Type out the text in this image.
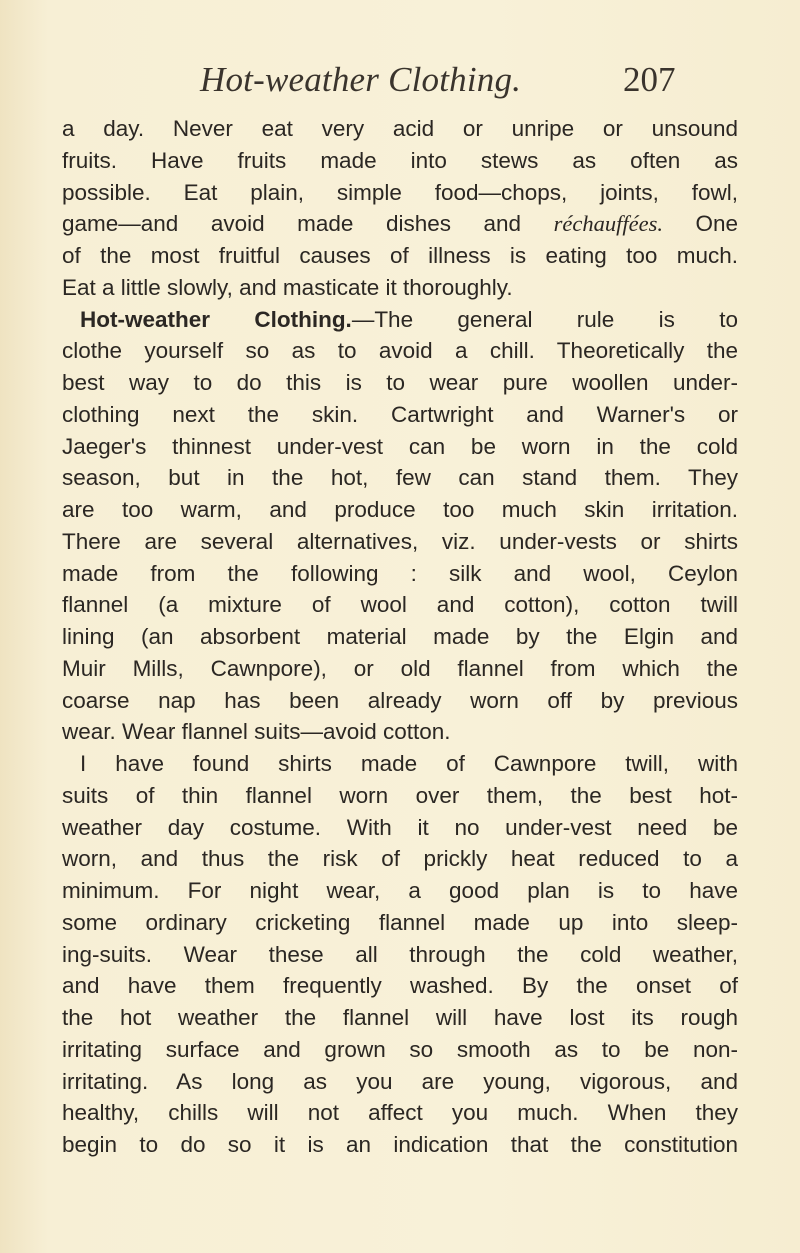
Hot-weather Clothing.	207
a day. Never eat very acid or unripe or unsound
fruits. Have fruits made into stews as often as
possible. Eat plain, simple food—chops, joints, fowl,
game—and avoid made dishes and réchauffées. One
of the most fruitful causes of illness is eating too much.
Eat a little slowly, and masticate it thoroughly.
Hot-weather Clothing.—The general rule is to
clothe yourself so as to avoid a chill. Theoretically the
best way to do this is to wear pure woollen under-
clothing next the skin. Cartwright and Warner's or
Jaeger's thinnest under-vest can be worn in the cold
season, but in the hot, few can stand them. They
are too warm, and produce too much skin irritation.
There are several alternatives, viz. under-vests or shirts
made from the following : silk and wool, Ceylon
flannel (a mixture of wool and cotton), cotton twill
lining (an absorbent material made by the Elgin and
Muir Mills, Cawnpore), or old flannel from which the
coarse nap has been already worn off by previous
wear. Wear flannel suits—avoid cotton.
I have found shirts made of Cawnpore twill, with
suits of thin flannel worn over them, the best hot-
weather day costume. With it no under-vest need be
worn, and thus the risk of prickly heat reduced to a
minimum. For night wear, a good plan is to have
some ordinary cricketing flannel made up into sleep-
ing-suits. Wear these all through the cold weather,
and have them frequently washed. By the onset of
the hot weather the flannel will have lost its rough
irritating surface and grown so smooth as to be non-
irritating. As long as you are young, vigorous, and
healthy, chills will not affect you much. When they
begin to do so it is an indication that the constitution
